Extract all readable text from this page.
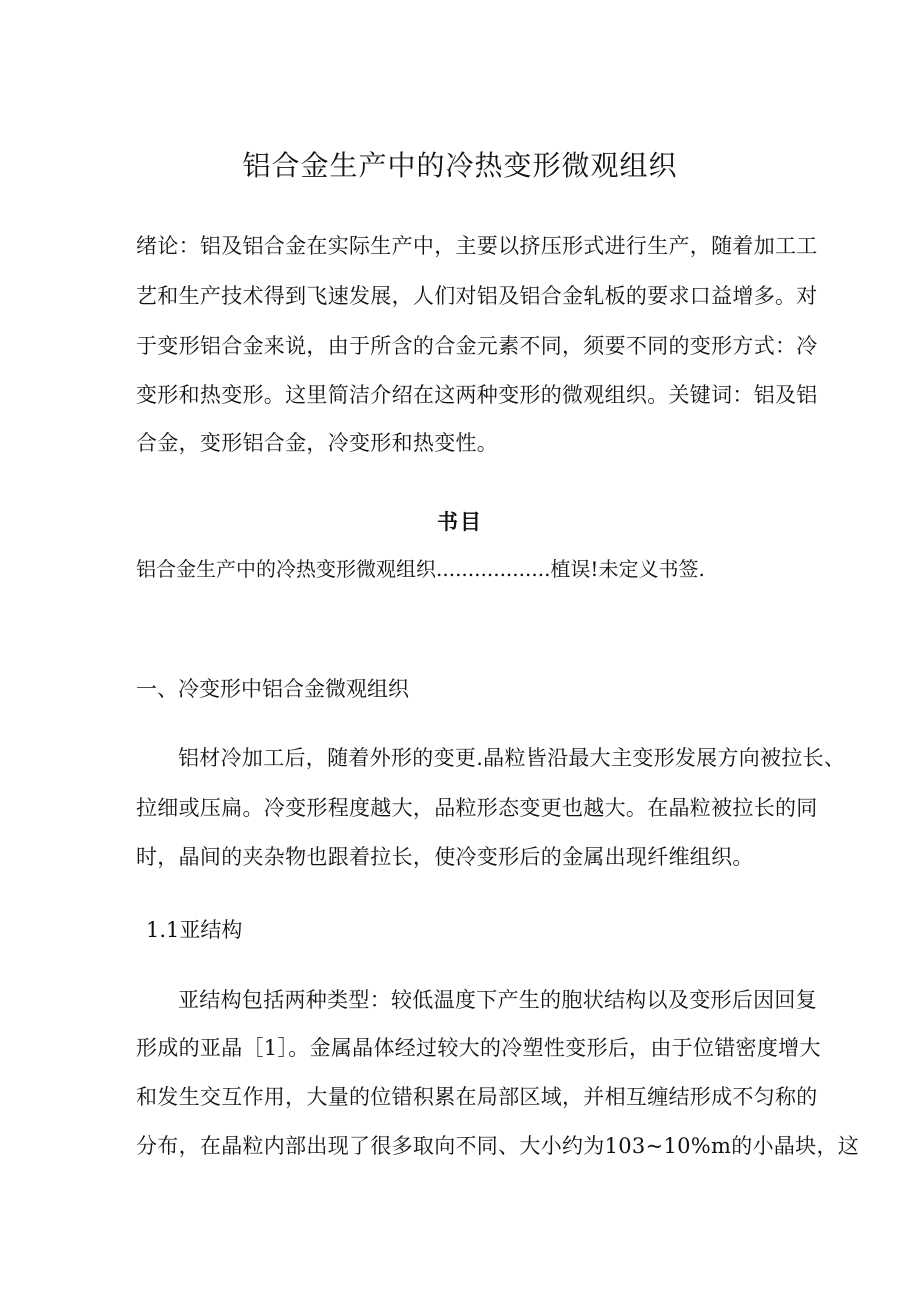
铝合金生产中的冷热变形微观组织
绪论：铝及铝合金在实际生产中，主要以挤压形式进行生产，随着加工工
艺和生产技术得到飞速发展，人们对铝及铝合金轧板的要求口益增多。对
于变形铝合金来说，由于所含的合金元素不同，须要不同的变形方式：冷
变形和热变形。这里简洁介绍在这两种变形的微观组织。关键词：铝及铝
合金，变形铝合金，冷变形和热变性。
书目
铝合金生产中的冷热变形微观组织..................植误!未定义书签.
一、冷变形中铝合金微观组织
铝材冷加工后，随着外形的变更.晶粒皆沿最大主变形发展方向被拉长、
拉细或压扁。冷变形程度越大，品粒形态变更也越大。在晶粒被拉长的同
时，晶间的夹杂物也跟着拉长，使冷变形后的金属出现纤维组织。
1.1亚结构
亚结构包括两种类型：较低温度下产生的胞状结构以及变形后因回复
形成的亚晶［1］。金属晶体经过较大的冷塑性变形后，由于位错密度增大
和发生交互作用，大量的位错积累在局部区域，并相互缠结形成不匀称的
分布，在晶粒内部出现了很多取向不同、大小约为103~10%m的小晶块，这
